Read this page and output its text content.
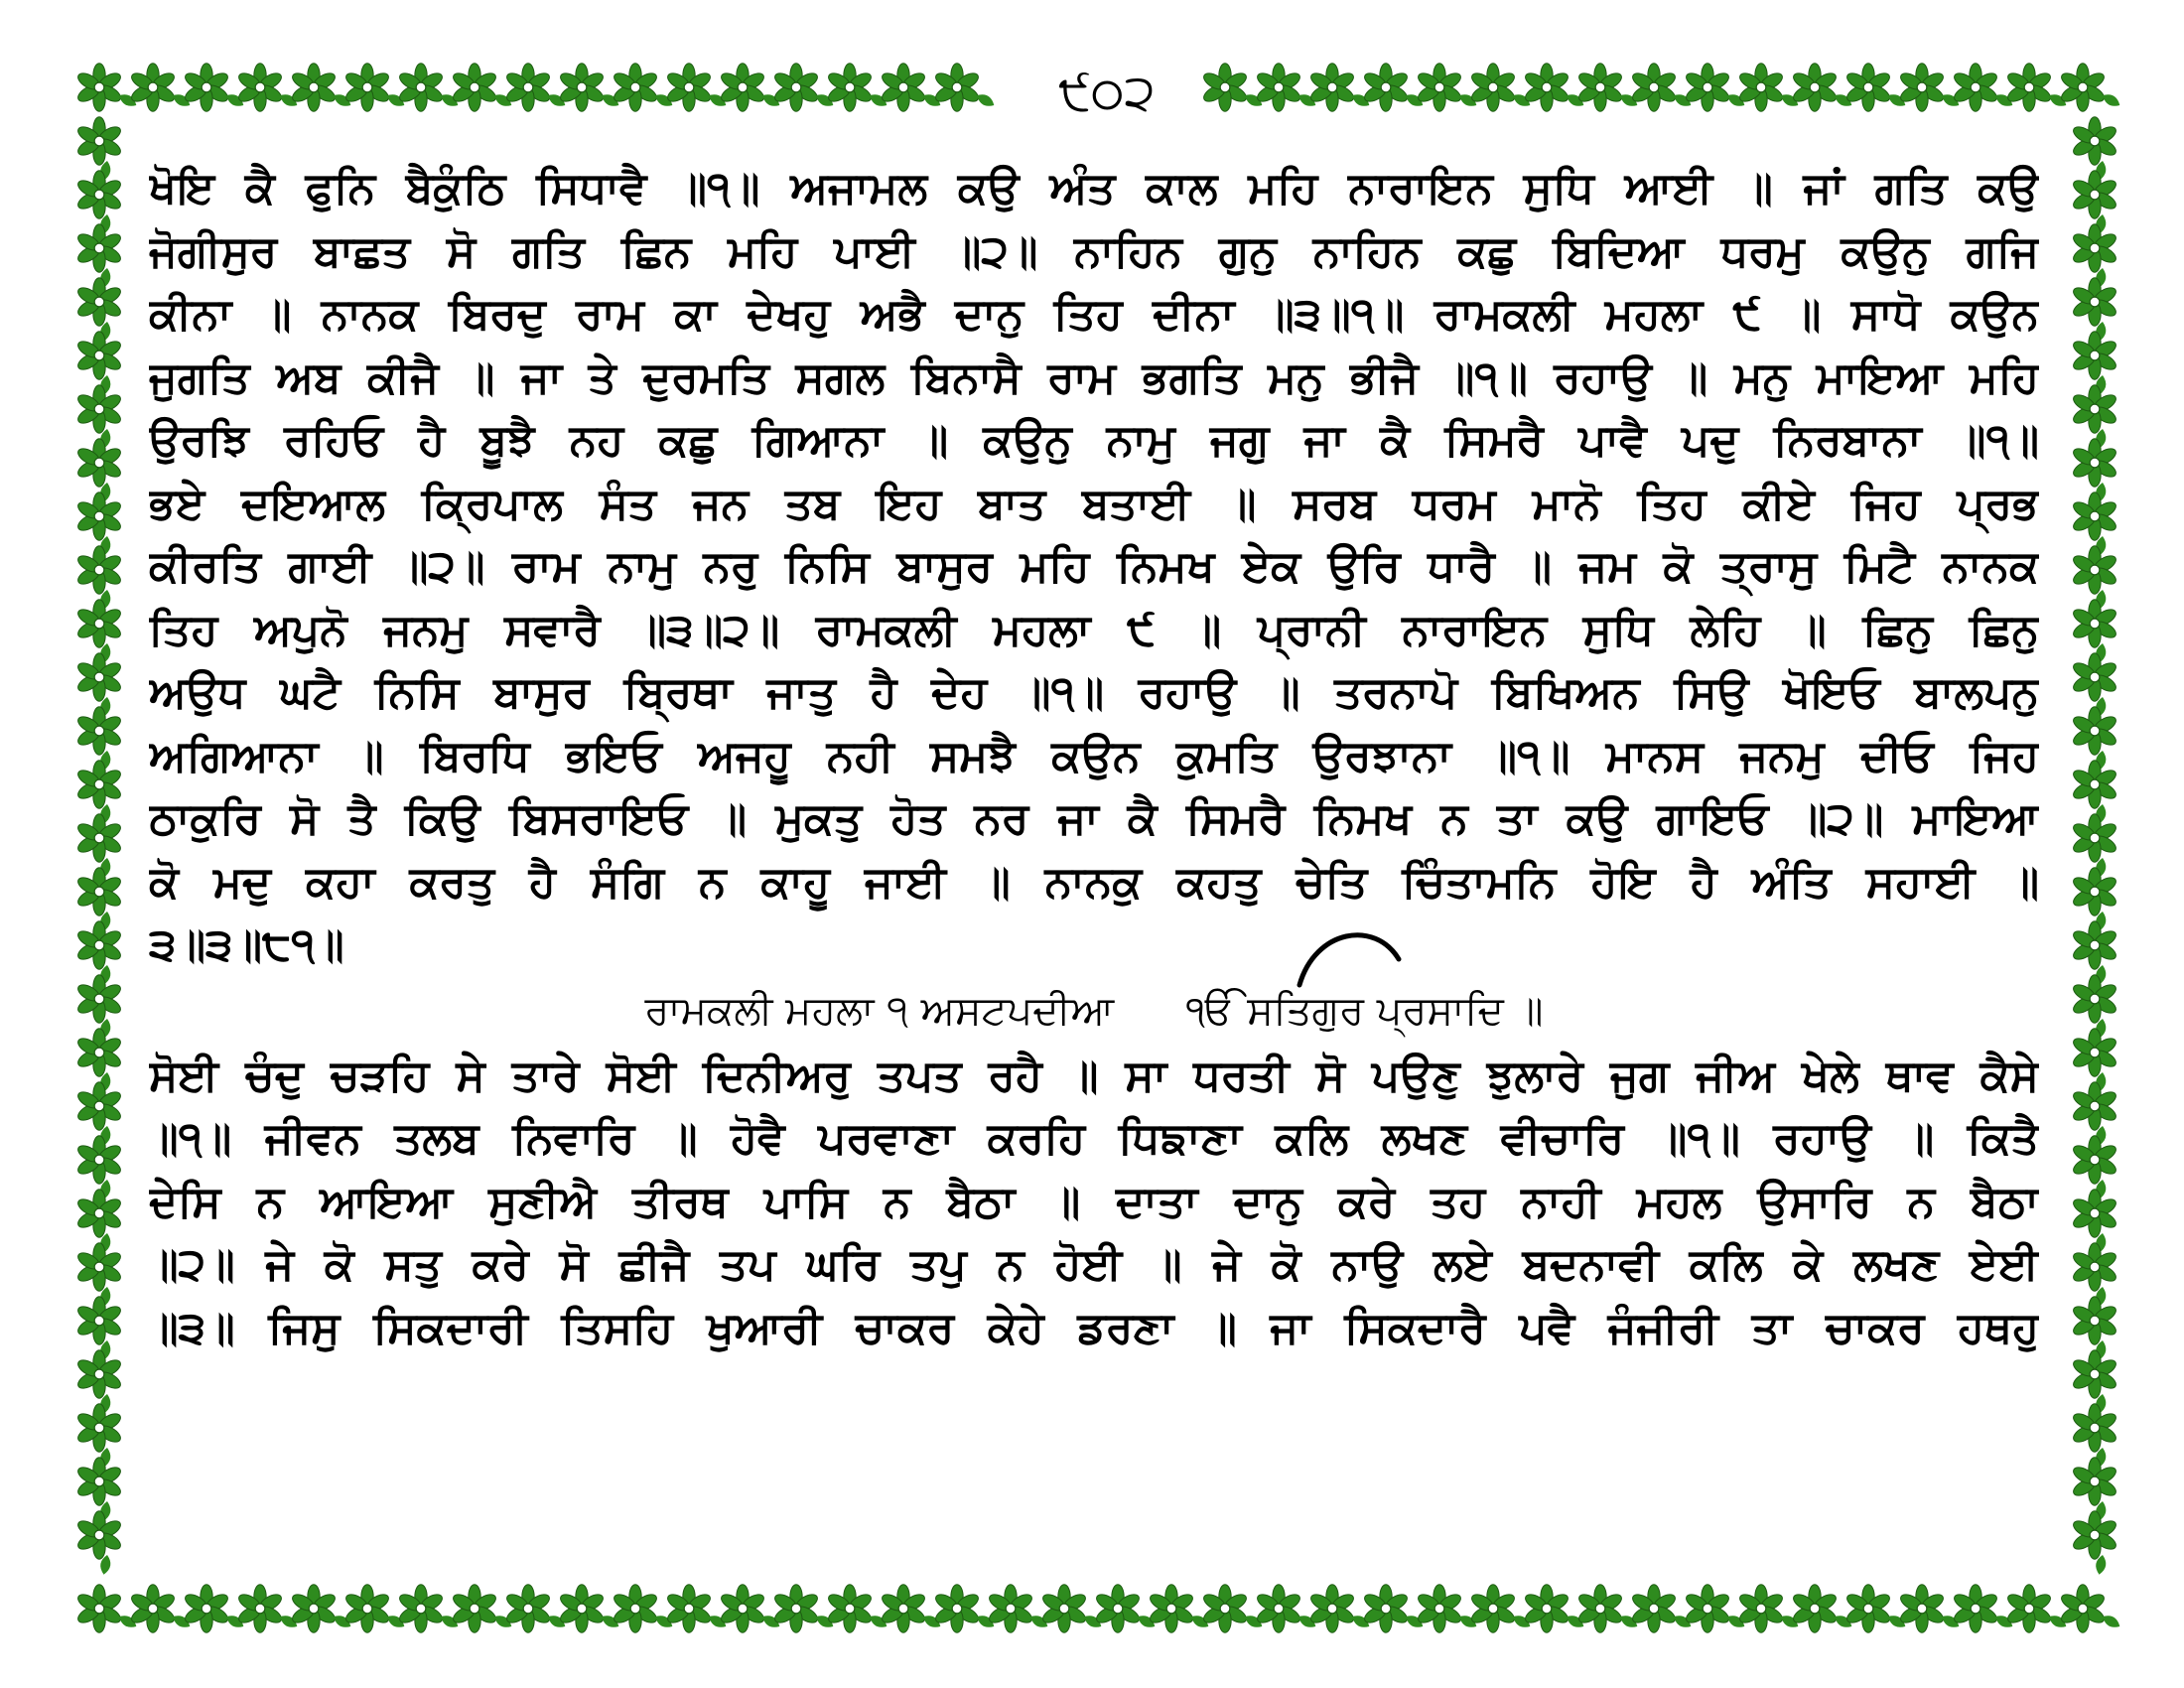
੯੦੨
ਖੋਇ ਕੈ ਫੁਨਿ ਬੈਕੁੰਠਿ ਸਿਧਾਵੈ ॥੧॥ ਅਜਾਮਲ ਕਉ ਅੰਤ ਕਾਲ ਮਹਿ ਨਾਰਾਇਨ ਸੁਧਿ ਆਈ ॥ ਜਾਂ ਗਤਿ ਕਉ
ਜੋਗੀਸੁਰ ਬਾਛਤ ਸੋ ਗਤਿ ਛਿਨ ਮਹਿ ਪਾਈ ॥੨॥ ਨਾਹਿਨ ਗੁਨੁ ਨਾਹਿਨ ਕਛੁ ਬਿਦਿਆ ਧਰਮੁ ਕਉਨੁ ਗਜਿ
ਕੀਨਾ ॥ ਨਾਨਕ ਬਿਰਦੁ ਰਾਮ ਕਾ ਦੇਖਹੁ ਅਭੈ ਦਾਨੁ ਤਿਹ ਦੀਨਾ ॥੩॥੧॥ ਰਾਮਕਲੀ ਮਹਲਾ ੯ ॥ ਸਾਧੋ ਕਉਨ
ਜੁਗਤਿ ਅਬ ਕੀਜੈ ॥ ਜਾ ਤੇ ਦੁਰਮਤਿ ਸਗਲ ਬਿਨਾਸੈ ਰਾਮ ਭਗਤਿ ਮਨੁ ਭੀਜੈ ॥੧॥ ਰਹਾਉ ॥ ਮਨੁ ਮਾਇਆ ਮਹਿ
ਉਰਝਿ ਰਹਿਓ ਹੈ ਬੂਝੈ ਨਹ ਕਛੁ ਗਿਆਨਾ ॥ ਕਉਨੁ ਨਾਮੁ ਜਗੁ ਜਾ ਕੈ ਸਿਮਰੈ ਪਾਵੈ ਪਦੁ ਨਿਰਬਾਨਾ ॥੧॥
ਭਏ ਦਇਆਲ ਕ੍ਰਿਪਾਲ ਸੰਤ ਜਨ ਤਬ ਇਹ ਬਾਤ ਬਤਾਈ ॥ ਸਰਬ ਧਰਮ ਮਾਨੋ ਤਿਹ ਕੀਏ ਜਿਹ ਪ੍ਰਭ
ਕੀਰਤਿ ਗਾਈ ॥੨॥ ਰਾਮ ਨਾਮੁ ਨਰੁ ਨਿਸਿ ਬਾਸੁਰ ਮਹਿ ਨਿਮਖ ਏਕ ਉਰਿ ਧਾਰੈ ॥ ਜਮ ਕੋ ਤ੍ਰਾਸੁ ਮਿਟੈ ਨਾਨਕ
ਤਿਹ ਅਪੁਨੋ ਜਨਮੁ ਸਵਾਰੈ ॥੩॥੨॥ ਰਾਮਕਲੀ ਮਹਲਾ ੯ ॥ ਪ੍ਰਾਨੀ ਨਾਰਾਇਨ ਸੁਧਿ ਲੇਹਿ ॥ ਛਿਨੁ ਛਿਨੁ
ਅਉਧ ਘਟੈ ਨਿਸਿ ਬਾਸੁਰ ਬ੍ਰਿਥਾ ਜਾਤੁ ਹੈ ਦੇਹ ॥੧॥ ਰਹਾਉ ॥ ਤਰਨਾਪੋ ਬਿਖਿਅਨ ਸਿਉ ਖੋਇਓ ਬਾਲਪਨੁ
ਅਗਿਆਨਾ ॥ ਬਿਰਧਿ ਭਇਓ ਅਜਹੂ ਨਹੀ ਸਮਝੈ ਕਉਨ ਕੁਮਤਿ ਉਰਝਾਨਾ ॥੧॥ ਮਾਨਸ ਜਨਮੁ ਦੀਓ ਜਿਹ
ਠਾਕੁਰਿ ਸੋ ਤੈ ਕਿਉ ਬਿਸਰਾਇਓ ॥ ਮੁਕਤੁ ਹੋਤ ਨਰ ਜਾ ਕੈ ਸਿਮਰੈ ਨਿਮਖ ਨ ਤਾ ਕਉ ਗਾਇਓ ॥੨॥ ਮਾਇਆ
ਕੋ ਮਦੁ ਕਹਾ ਕਰਤੁ ਹੈ ਸੰਗਿ ਨ ਕਾਹੂ ਜਾਈ ॥ ਨਾਨਕੁ ਕਹਤੁ ਚੇਤਿ ਚਿੰਤਾਮਨਿ ਹੋਇ ਹੈ ਅੰਤਿ ਸਹਾਈ ॥
੩॥੩॥੮੧॥
ਰਾਮਕਲੀ ਮਹਲਾ ੧ ਅਸਟਪਦੀਆ ੴ ਸਤਿਗੁਰ ਪ੍ਰਸਾਦਿ ॥
ਸੋਈ ਚੰਦੁ ਚੜਹਿ ਸੇ ਤਾਰੇ ਸੋਈ ਦਿਨੀਅਰੁ ਤਪਤ ਰਹੈ ॥ ਸਾ ਧਰਤੀ ਸੋ ਪਉਣੁ ਝੁਲਾਰੇ ਜੁਗ ਜੀਅ ਖੇਲੇ ਥਾਵ ਕੈਸੇ
॥੧॥ ਜੀਵਨ ਤਲਬ ਨਿਵਾਰਿ ॥ ਹੋਵੈ ਪਰਵਾਣਾ ਕਰਹਿ ਧਿਙਾਣਾ ਕਲਿ ਲਖਣ ਵੀਚਾਰਿ ॥੧॥ ਰਹਾਉ ॥ ਕਿਤੈ
ਦੇਸਿ ਨ ਆਇਆ ਸੁਣੀਐ ਤੀਰਥ ਪਾਸਿ ਨ ਬੈਠਾ ॥ ਦਾਤਾ ਦਾਨੁ ਕਰੇ ਤਹ ਨਾਹੀ ਮਹਲ ਉਸਾਰਿ ਨ ਬੈਠਾ
॥੨॥ ਜੇ ਕੋ ਸਤੁ ਕਰੇ ਸੋ ਛੀਜੈ ਤਪ ਘਰਿ ਤਪੁ ਨ ਹੋਈ ॥ ਜੇ ਕੋ ਨਾਉ ਲਏ ਬਦਨਾਵੀ ਕਲਿ ਕੇ ਲਖਣ ਏਈ
॥੩॥ ਜਿਸੁ ਸਿਕਦਾਰੀ ਤਿਸਹਿ ਖੁਆਰੀ ਚਾਕਰ ਕੇਹੇ ਡਰਣਾ ॥ ਜਾ ਸਿਕਦਾਰੈ ਪਵੈ ਜੰਜੀਰੀ ਤਾ ਚਾਕਰ ਹਥਹੁ
